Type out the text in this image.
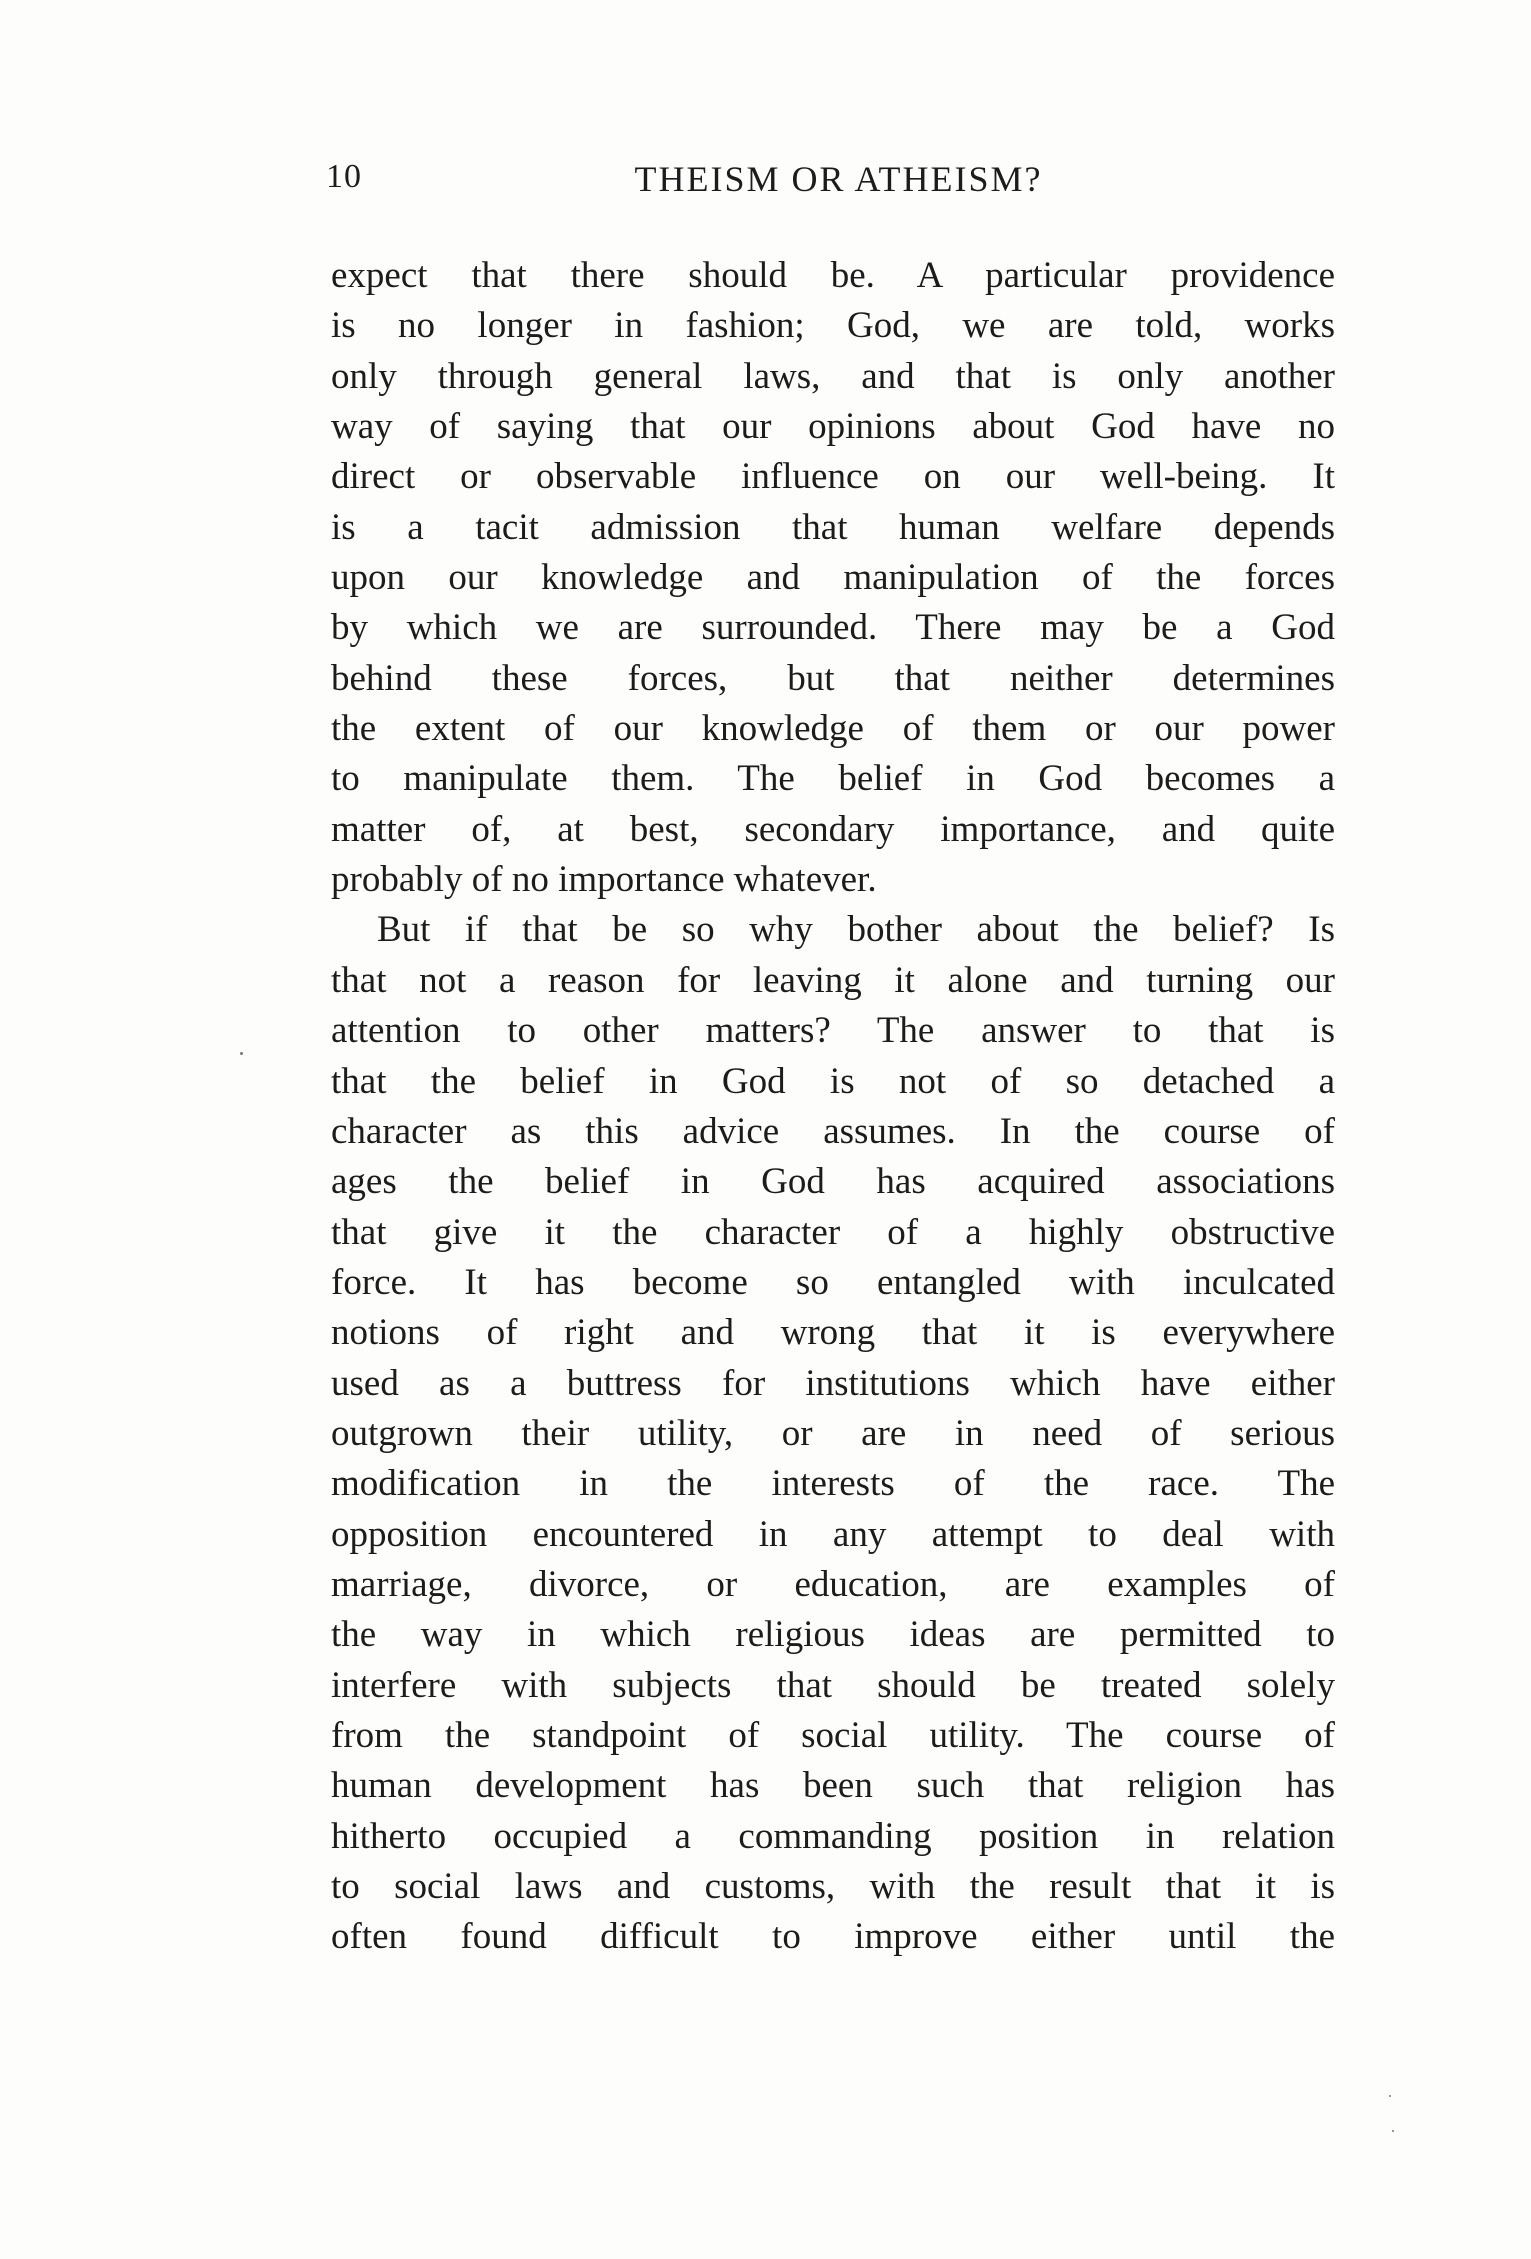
10	THEISM OR ATHEISM?
expect that there should be. A particular providence
is no longer in fashion; God, we are told, works
only through general laws, and that is only another
way of saying that our opinions about God have no
direct or observable influence on our well-being. It
is a tacit admission that human welfare depends
upon our knowledge and manipulation of the forces
by which we are surrounded. There may be a God
behind these forces, but that neither determines
the extent of our knowledge of them or our power
to manipulate them. The belief in God becomes a
matter of, at best, secondary importance, and quite
probably of no importance whatever.
But if that be so why bother about the belief? Is
that not a reason for leaving it alone and turning our
attention to other matters? The answer to that is
that the belief in God is not of so detached a
character as this advice assumes. In the course of
ages the belief in God has acquired associations
that give it the character of a highly obstructive
force. It has become so entangled with inculcated
notions of right and wrong that it is everywhere
used as a buttress for institutions which have either
outgrown their utility, or are in need of serious
modification in the interests of the race. The
opposition encountered in any attempt to deal with
marriage, divorce, or education, are examples of
the way in which religious ideas are permitted to
interfere with subjects that should be treated solely
from the standpoint of social utility. The course of
human development has been such that religion has
hitherto occupied a commanding position in relation
to social laws and customs, with the result that it is
often found difficult to improve either until the
